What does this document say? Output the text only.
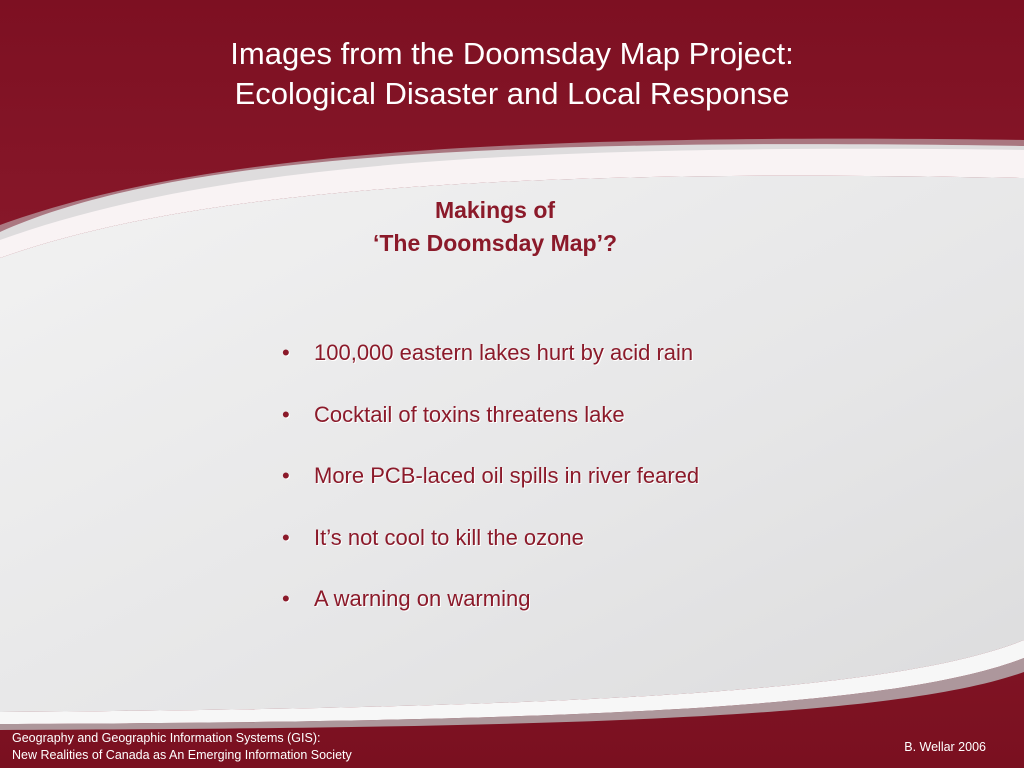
Images from the Doomsday Map Project:
Ecological Disaster and Local Response
Makings of
‘The Doomsday Map’?
• 100,000 eastern lakes hurt by acid rain
• Cocktail of toxins threatens lake
• More PCB-laced oil spills in river feared
• It’s not cool to kill the ozone
• A warning on warming
Geography and Geographic Information Systems (GIS):
New Realities of Canada as An Emerging Information Society
B. Wellar 2006
